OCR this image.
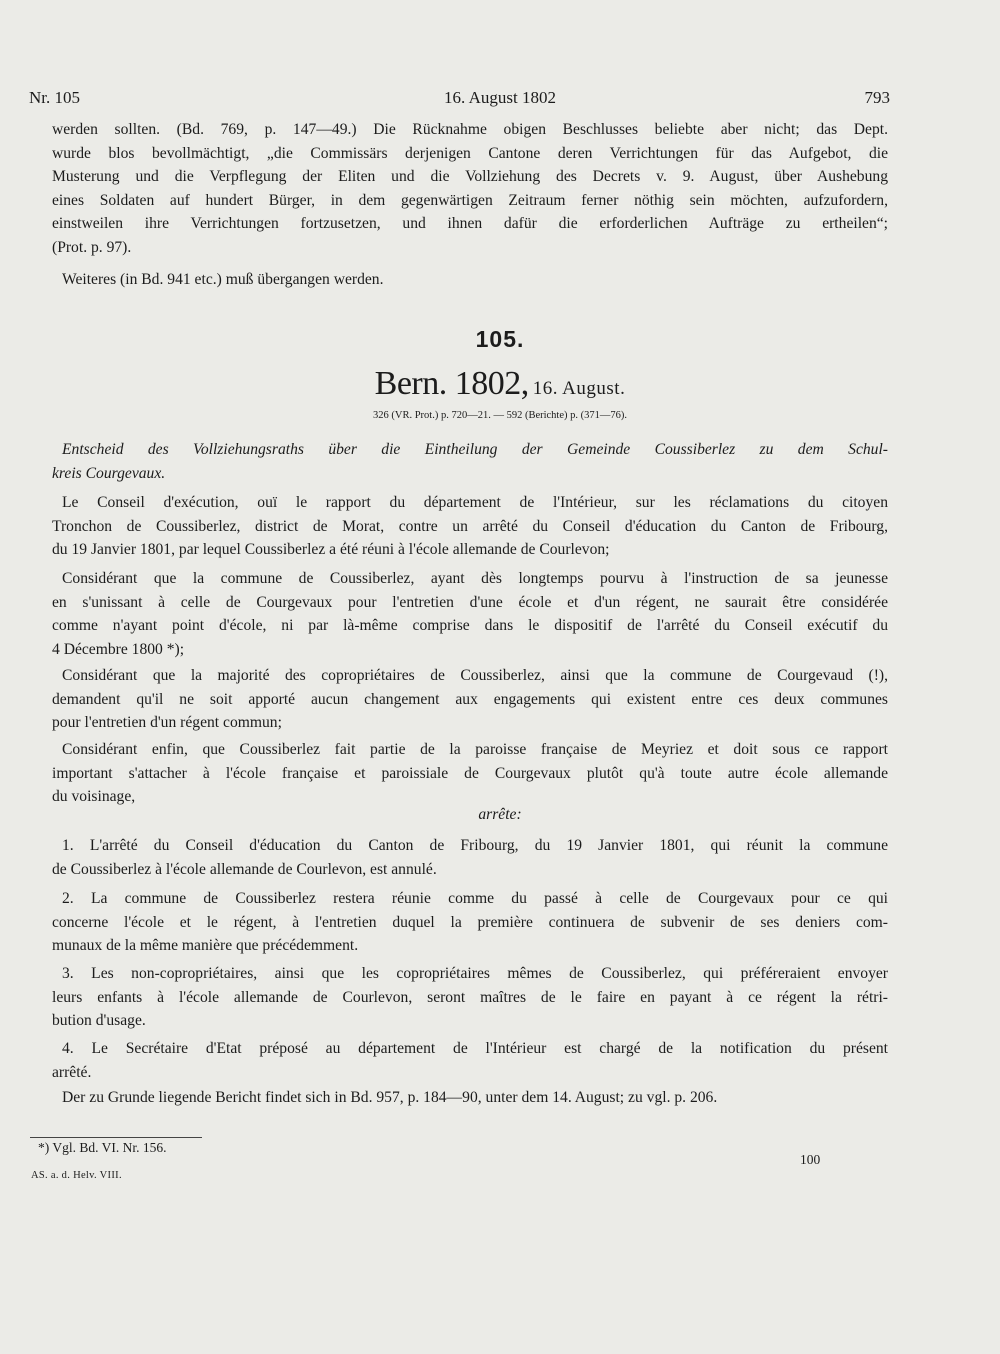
Nr. 105	16. August 1802	793

werden sollten. (Bd. 769, p. 147—49.) Die Rücknahme obigen Beschlusses beliebte aber nicht; das Dept.
wurde blos bevollmächtigt, „die Commissärs derjenigen Cantone deren Verrichtungen für das Aufgebot, die
Musterung und die Verpflegung der Eliten und die Vollziehung des Decrets v. 9. August, über Aushebung
eines Soldaten auf hundert Bürger, in dem gegenwärtigen Zeitraum ferner nöthig sein möchten, aufzufordern,
einstweilen ihre Verrichtungen fortzusetzen, und ihnen dafür die erforderlichen Aufträge zu ertheilen“;
(Prot. p. 97).

Weiteres (in Bd. 941 etc.) muß übergangen werden.

105.
Bern. 1802, 16. August.
326 (VR. Prot.) p. 720—21. — 592 (Berichte) p. (371—76).

Entscheid des Vollziehungsraths über die Eintheilung der Gemeinde Coussiberlez zu dem Schul-
kreis Courgevaux.

Le Conseil d'exécution, ouï le rapport du département de l'Intérieur, sur les réclamations du citoyen
Tronchon de Coussiberlez, district de Morat, contre un arrêté du Conseil d'éducation du Canton de Fribourg,
du 19 Janvier 1801, par lequel Coussiberlez a été réuni à l'école allemande de Courlevon;

Considérant que la commune de Coussiberlez, ayant dès longtemps pourvu à l'instruction de sa jeunesse
en s'unissant à celle de Courgevaux pour l'entretien d'une école et d'un régent, ne saurait être considérée
comme n'ayant point d'école, ni par là-même comprise dans le dispositif de l'arrêté du Conseil exécutif du
4 Décembre 1800 *);

Considérant que la majorité des copropriétaires de Coussiberlez, ainsi que la commune de Courgevaud (!),
demandent qu'il ne soit apporté aucun changement aux engagements qui existent entre ces deux communes
pour l'entretien d'un régent commun;

Considérant enfin, que Coussiberlez fait partie de la paroisse française de Meyriez et doit sous ce rapport
important s'attacher à l'école française et paroissiale de Courgevaux plutôt qu'à toute autre école allemande
du voisinage,

arrête:

1. L'arrêté du Conseil d'éducation du Canton de Fribourg, du 19 Janvier 1801, qui réunit la commune
de Coussiberlez à l'école allemande de Courlevon, est annulé.

2. La commune de Coussiberlez restera réunie comme du passé à celle de Courgevaux pour ce qui
concerne l'école et le régent, à l'entretien duquel la première continuera de subvenir de ses deniers com-
munaux de la même manière que précédemment.

3. Les non-copropriétaires, ainsi que les copropriétaires mêmes de Coussiberlez, qui préféreraient envoyer
leurs enfants à l'école allemande de Courlevon, seront maîtres de le faire en payant à ce régent la rétri-
bution d'usage.

4. Le Secrétaire d'Etat préposé au département de l'Intérieur est chargé de la notification du présent
arrêté.

Der zu Grunde liegende Bericht findet sich in Bd. 957, p. 184—90, unter dem 14. August; zu vgl. p. 206.

*) Vgl. Bd. VI. Nr. 156.
100
AS. a. d. Helv. VIII.
